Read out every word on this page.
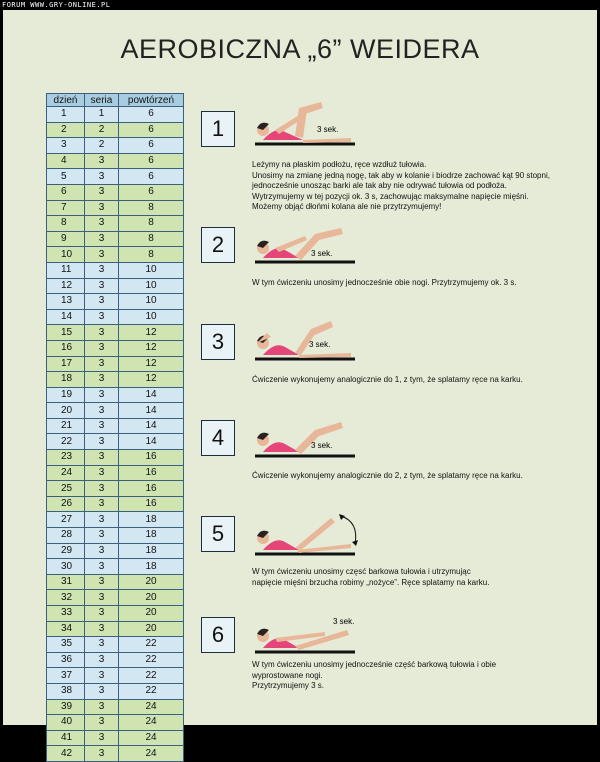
FORUM WWW.GRY-ONLINE.PL
AEROBICZNA „6” WEIDERA
dzień	seria	powtórzeń
1	1	6
2	2	6
3	2	6
4	3	6
5	3	6
6	3	6
7	3	8
8	3	8
9	3	8
10	3	8
11	3	10
12	3	10
13	3	10
14	3	10
15	3	12
16	3	12
17	3	12
18	3	12
19	3	14
20	3	14
21	3	14
22	3	14
23	3	16
24	3	16
25	3	16
26	3	16
27	3	18
28	3	18
29	3	18
30	3	18
31	3	20
32	3	20
33	3	20
34	3	20
35	3	22
36	3	22
37	3	22
38	3	22
39	3	24
40	3	24
41	3	24
42	3	24
1	3 sek.
Leżymy na płaskim podłożu, ręce wzdłuż tułowia.
Unosimy na zmianę jedną nogę, tak aby w kolanie i biodrze zachować kąt 90 stopni,
jednocześnie unosząc barki ale tak aby nie odrywać tułowia od podłoża.
Wytrzymujemy w tej pozycji ok. 3 s, zachowując maksymalne napięcie mięśni.
Możemy objąć dłońmi kolana ale nie przytrzymujemy!
2	3 sek.
W tym ćwiczeniu unosimy jednocześnie obie nogi. Przytrzymujemy ok. 3 s.
3	3 sek.
Ćwiczenie wykonujemy analogicznie do 1, z tym, że splatamy ręce na karku.
4	3 sek.
Ćwiczenie wykonujemy analogicznie do 2, z tym, że splatamy ręce na karku.
5
W tym ćwiczeniu unosimy częsć barkowa tułowia i utrzymując
napięcie mięśni brzucha robimy „nożyce”. Ręce splatamy na karku.
6
3 sek.
W tym ćwiczeniu unosimy jednocześnie część barkową tułowia i obie
wyprostowane nogi.
Przytrzymujemy 3 s.
